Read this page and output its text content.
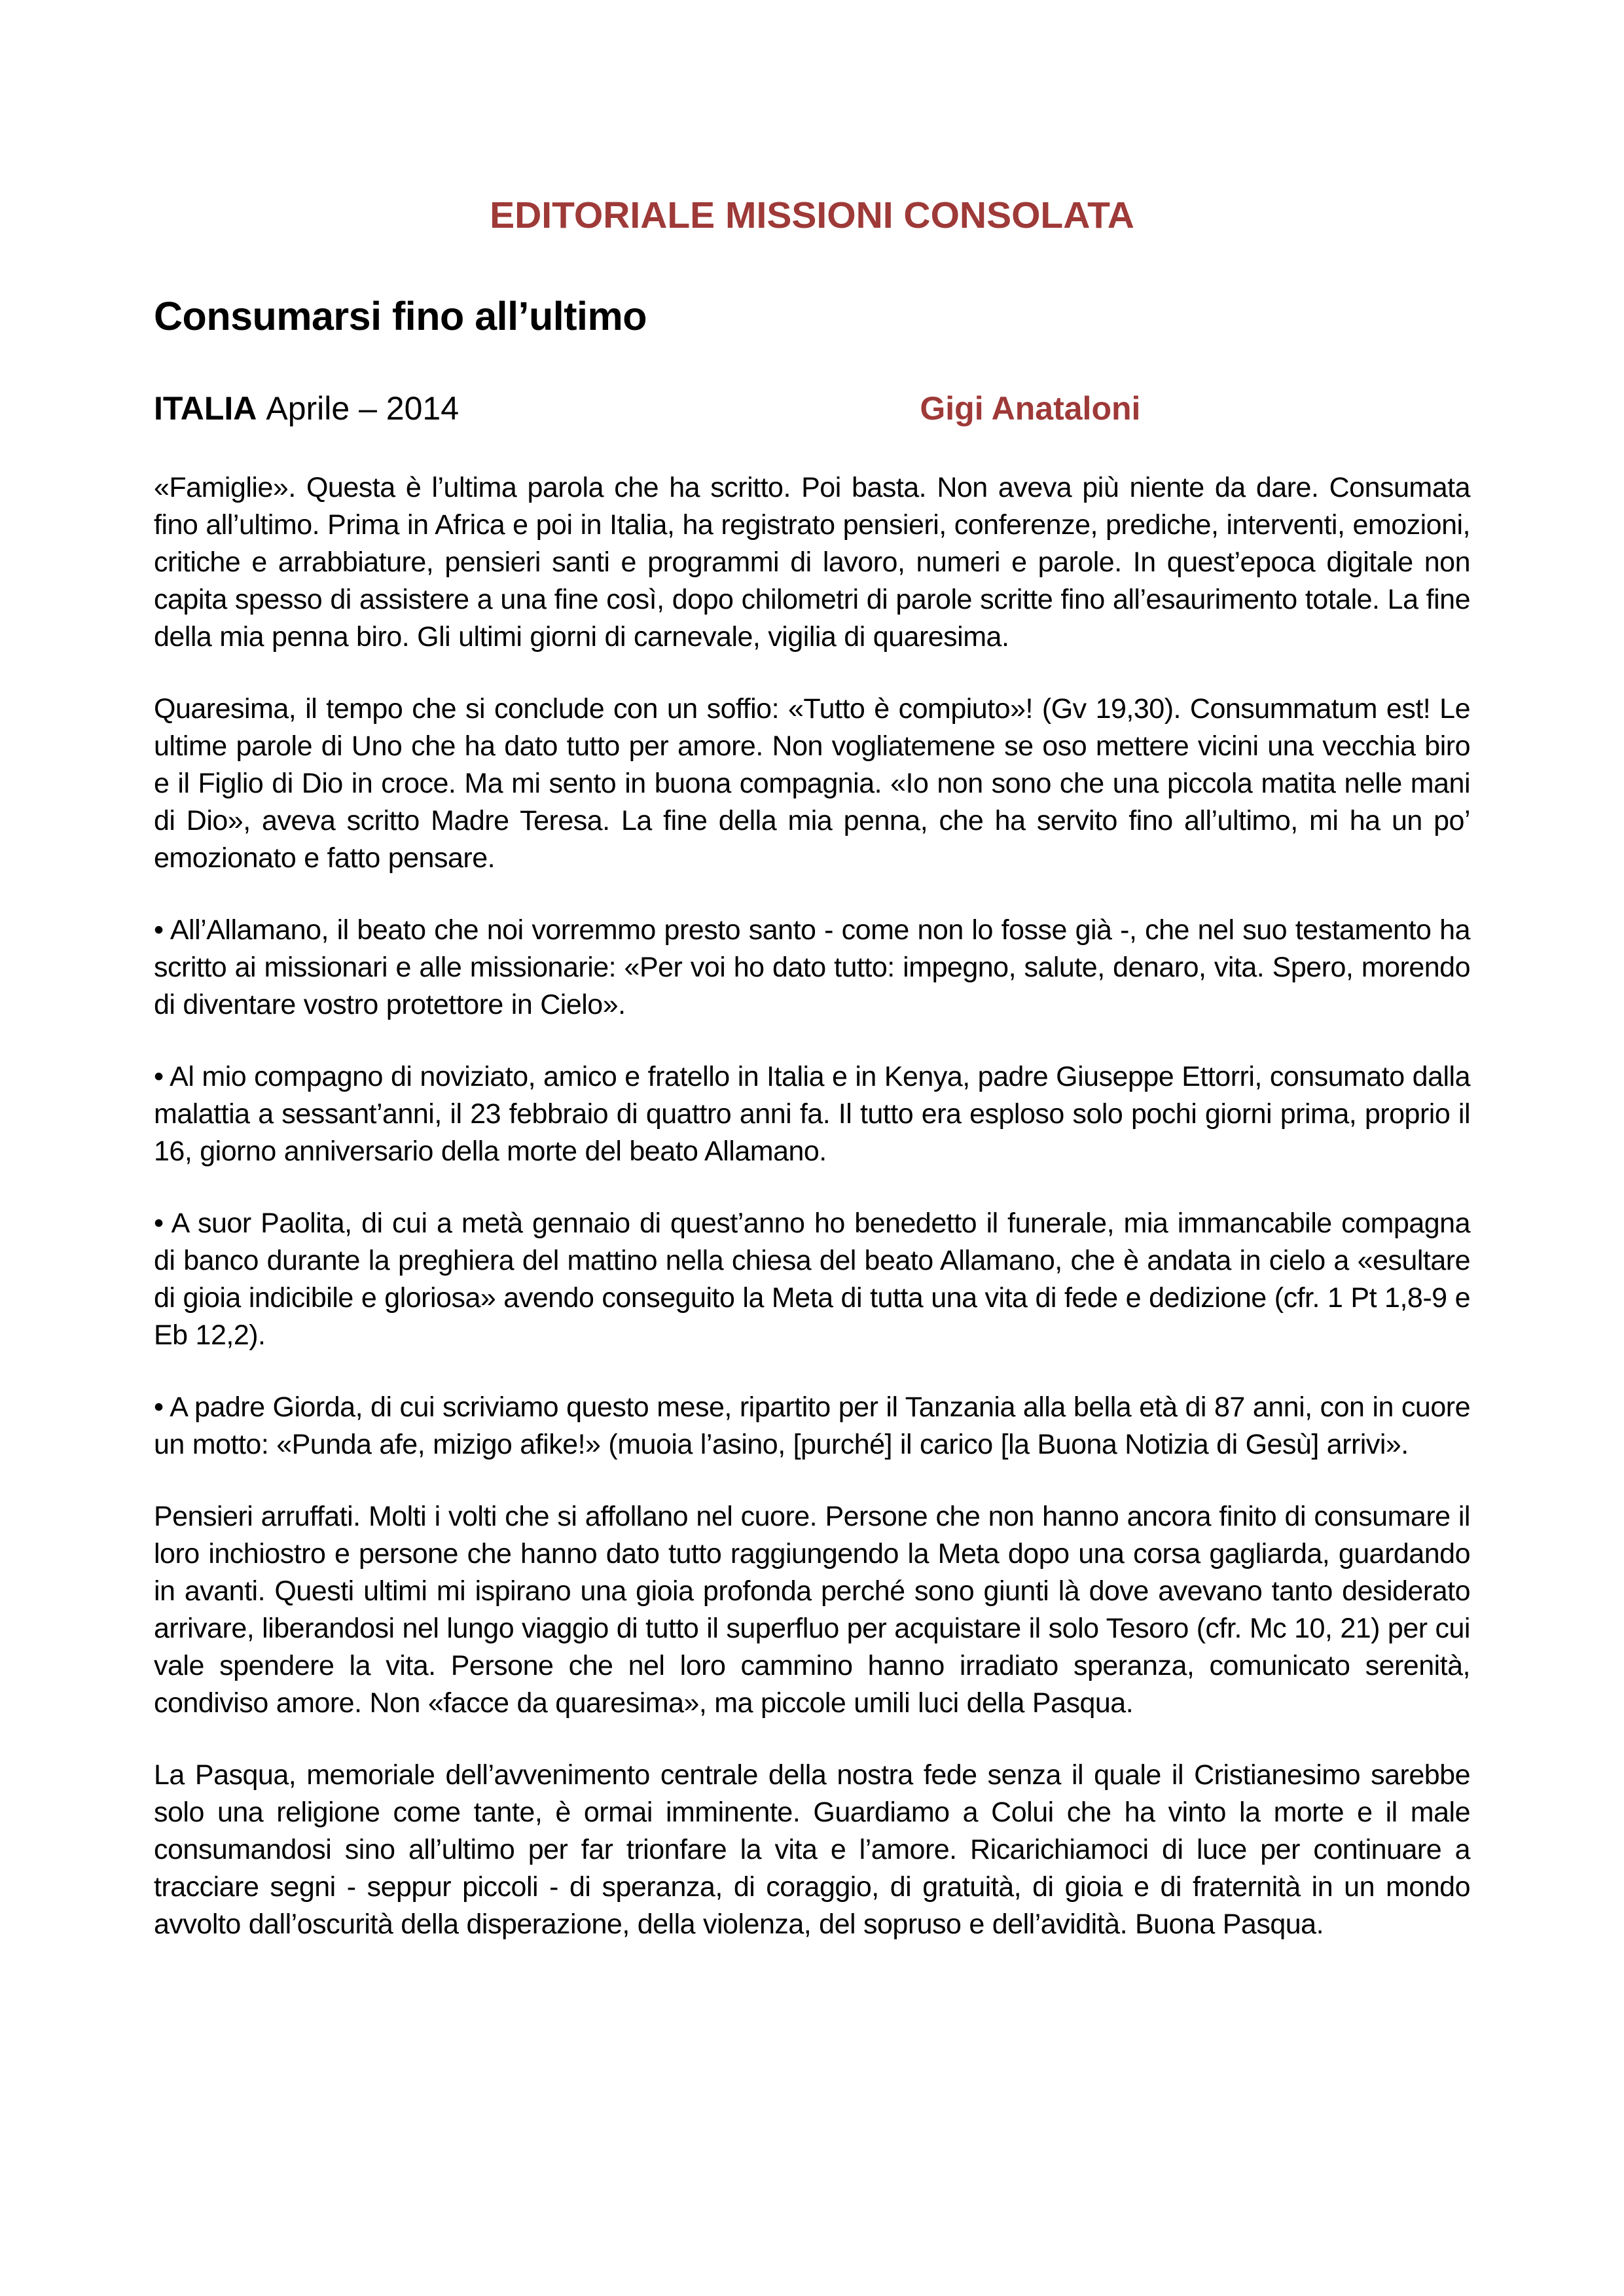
EDITORIALE MISSIONI CONSOLATA
Consumarsi fino all’ultimo
ITALIA Aprile – 2014	Gigi Anataloni

«Famiglie». Questa è l’ultima parola che ha scritto. Poi basta. Non aveva più niente da dare. Consumata fino all’ultimo. Prima in Africa e poi in Italia, ha registrato pensieri, conferenze, prediche, interventi, emozioni, critiche e arrabbiature, pensieri santi e programmi di lavoro, numeri e parole. In quest’epoca digitale non capita spesso di assistere a una fine così, dopo chilometri di parole scritte fino all’esaurimento totale. La fine della mia penna biro. Gli ultimi giorni di carnevale, vigilia di quaresima.

Quaresima, il tempo che si conclude con un soffio: «Tutto è compiuto»! (Gv 19,30). Consummatum est! Le ultime parole di Uno che ha dato tutto per amore. Non vogliatemene se oso mettere vicini una vecchia biro e il Figlio di Dio in croce. Ma mi sento in buona compagnia. «Io non sono che una piccola matita nelle mani di Dio», aveva scritto Madre Teresa. La fine della mia penna, che ha servito fino all’ultimo, mi ha un po’ emozionato e fatto pensare.

• All’Allamano, il beato che noi vorremmo presto santo - come non lo fosse già -, che nel suo testamento ha scritto ai missionari e alle missionarie: «Per voi ho dato tutto: impegno, salute, denaro, vita. Spero, morendo di diventare vostro protettore in Cielo».

• Al mio compagno di noviziato, amico e fratello in Italia e in Kenya, padre Giuseppe Ettorri, consumato dalla malattia a sessant’anni, il 23 febbraio di quattro anni fa. Il tutto era esploso solo pochi giorni prima, proprio il 16, giorno anniversario della morte del beato Allamano.

• A suor Paolita, di cui a metà gennaio di quest’anno ho benedetto il funerale, mia immancabile compagna di banco durante la preghiera del mattino nella chiesa del beato Allamano, che è andata in cielo a «esultare di gioia indicibile e gloriosa» avendo conseguito la Meta di tutta una vita di fede e dedizione (cfr. 1 Pt 1,8-9 e Eb 12,2).

• A padre Giorda, di cui scriviamo questo mese, ripartito per il Tanzania alla bella età di 87 anni, con in cuore un motto: «Punda afe, mizigo afike!» (muoia l’asino, [purché] il carico [la Buona Notizia di Gesù] arrivi».

Pensieri arruffati. Molti i volti che si affollano nel cuore. Persone che non hanno ancora finito di consumare il loro inchiostro e persone che hanno dato tutto raggiungendo la Meta dopo una corsa gagliarda, guardando in avanti. Questi ultimi mi ispirano una gioia profonda perché sono giunti là dove avevano tanto desiderato arrivare, liberandosi nel lungo viaggio di tutto il superfluo per acquistare il solo Tesoro (cfr. Mc 10, 21) per cui vale spendere la vita. Persone che nel loro cammino hanno irradiato speranza, comunicato serenità, condiviso amore. Non «facce da quaresima», ma piccole umili luci della Pasqua.

La Pasqua, memoriale dell’avvenimento centrale della nostra fede senza il quale il Cristianesimo sarebbe solo una religione come tante, è ormai imminente. Guardiamo a Colui che ha vinto la morte e il male consumandosi sino all’ultimo per far trionfare la vita e l’amore. Ricarichiamoci di luce per continuare a tracciare segni - seppur piccoli - di speranza, di coraggio, di gratuità, di gioia e di fraternità in un mondo avvolto dall’oscurità della disperazione, della violenza, del sopruso e dell’avidità. Buona Pasqua.
